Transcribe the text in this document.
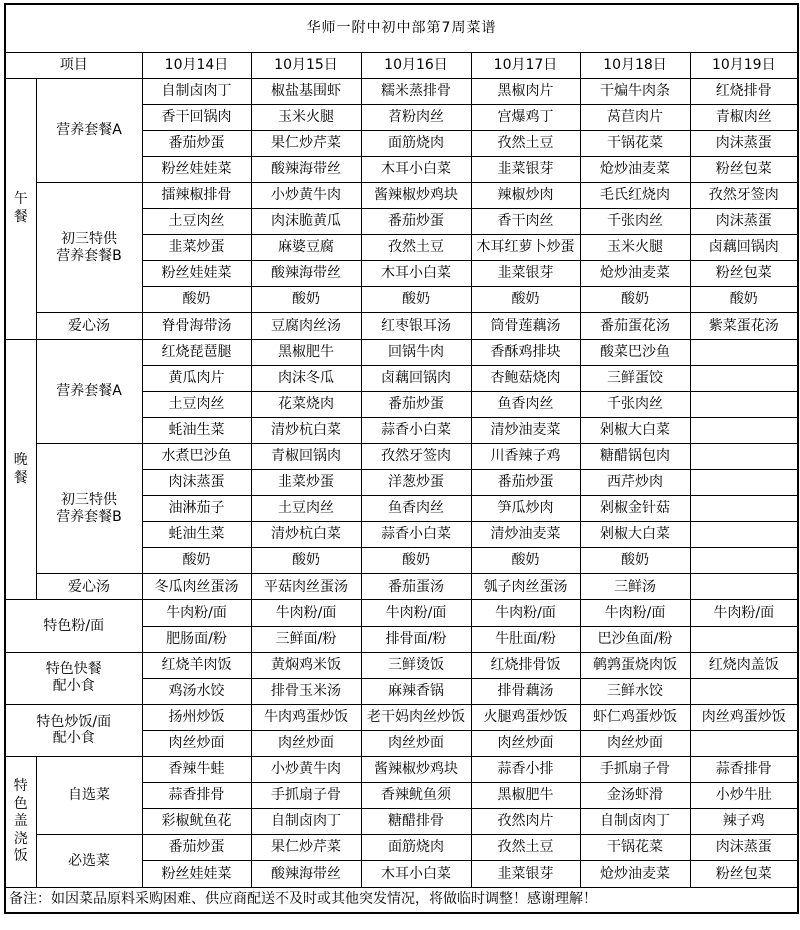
华师一附中初中部第7周菜谱							
项目		10月14日	10月15日	10月16日	10月17日	10月18日	10月19日

午
餐	营养套餐A	自制卤肉丁	椒盐基围虾	糯米蒸排骨	黑椒肉片	干煸牛肉条	红烧排骨
		香干回锅肉	玉米火腿	苕粉肉丝	宫爆鸡丁	莴苣肉片	青椒肉丝
		番茄炒蛋	果仁炒芹菜	面筋烧肉	孜然土豆	干锅花菜	肉沫蒸蛋
		粉丝娃娃菜	酸辣海带丝	木耳小白菜	韭菜银芽	炝炒油麦菜	粉丝包菜
	初三特供
营养套餐B	擂辣椒排骨	小炒黄牛肉	酱辣椒炒鸡块	辣椒炒肉	毛氏红烧肉	孜然牙签肉
		土豆肉丝	肉沫脆黄瓜	番茄炒蛋	香干肉丝	千张肉丝	肉沫蒸蛋
		韭菜炒蛋	麻婆豆腐	孜然土豆	木耳红萝卜炒蛋	玉米火腿	卤藕回锅肉
		粉丝娃娃菜	酸辣海带丝	木耳小白菜	韭菜银芽	炝炒油麦菜	粉丝包菜
		酸奶	酸奶	酸奶	酸奶	酸奶	酸奶
	爱心汤	脊骨海带汤	豆腐肉丝汤	红枣银耳汤	筒骨莲藕汤	番茄蛋花汤	紫菜蛋花汤

晚
餐	营养套餐A	红烧琵琶腿	黑椒肥牛	回锅牛肉	香酥鸡排块	酸菜巴沙鱼	
		黄瓜肉片	肉沫冬瓜	卤藕回锅肉	杏鲍菇烧肉	三鲜蛋饺	
		土豆肉丝	花菜烧肉	番茄炒蛋	鱼香肉丝	千张肉丝	
		蚝油生菜	清炒杭白菜	蒜香小白菜	清炒油麦菜	剁椒大白菜	
	初三特供
营养套餐B	水煮巴沙鱼	青椒回锅肉	孜然牙签肉	川香辣子鸡	糖醋锅包肉	
		肉沫蒸蛋	韭菜炒蛋	洋葱炒蛋	番茄炒蛋	西芹炒肉	
		油淋茄子	土豆肉丝	鱼香肉丝	笋瓜炒肉	剁椒金针菇	
		蚝油生菜	清炒杭白菜	蒜香小白菜	清炒油麦菜	剁椒大白菜	
		酸奶	酸奶	酸奶	酸奶	酸奶	
	爱心汤	冬瓜肉丝蛋汤	平菇肉丝蛋汤	番茄蛋汤	瓠子肉丝蛋汤	三鲜汤	
特色粉/面		牛肉粉/面	牛肉粉/面	牛肉粉/面	牛肉粉/面	牛肉粉/面	牛肉粉/面
		肥肠面/粉	三鲜面/粉	排骨面/粉	牛肚面/粉	巴沙鱼面/粉	
特色快餐
配小食		红烧羊肉饭	黄焖鸡米饭	三鲜烫饭	红烧排骨饭	鹌鹑蛋烧肉饭	红烧肉盖饭
		鸡汤水饺	排骨玉米汤	麻辣香锅	排骨藕汤	三鲜水饺	
特色炒饭/面
配小食		扬州炒饭	牛肉鸡蛋炒饭	老干妈肉丝炒饭	火腿鸡蛋炒饭	虾仁鸡蛋炒饭	肉丝鸡蛋炒饭
		肉丝炒面	肉丝炒面	肉丝炒面	肉丝炒面	肉丝炒面	

特
色
盖
浇
饭	自选菜	香辣牛蛙	小炒黄牛肉	酱辣椒炒鸡块	蒜香小排	手抓扇子骨	蒜香排骨
		蒜香排骨	手抓扇子骨	香辣鱿鱼须	黑椒肥牛	金汤虾滑	小炒牛肚
		彩椒鱿鱼花	自制卤肉丁	糖醋排骨	孜然肉片	自制卤肉丁	辣子鸡
	必选菜	番茄炒蛋	果仁炒芹菜	面筋烧肉	孜然土豆	干锅花菜	肉沫蒸蛋
		粉丝娃娃菜	酸辣海带丝	木耳小白菜	韭菜银芽	炝炒油麦菜	粉丝包菜
备注：如因菜品原料采购困难、供应商配送不及时或其他突发情况，将做临时调整！感谢理解！							
